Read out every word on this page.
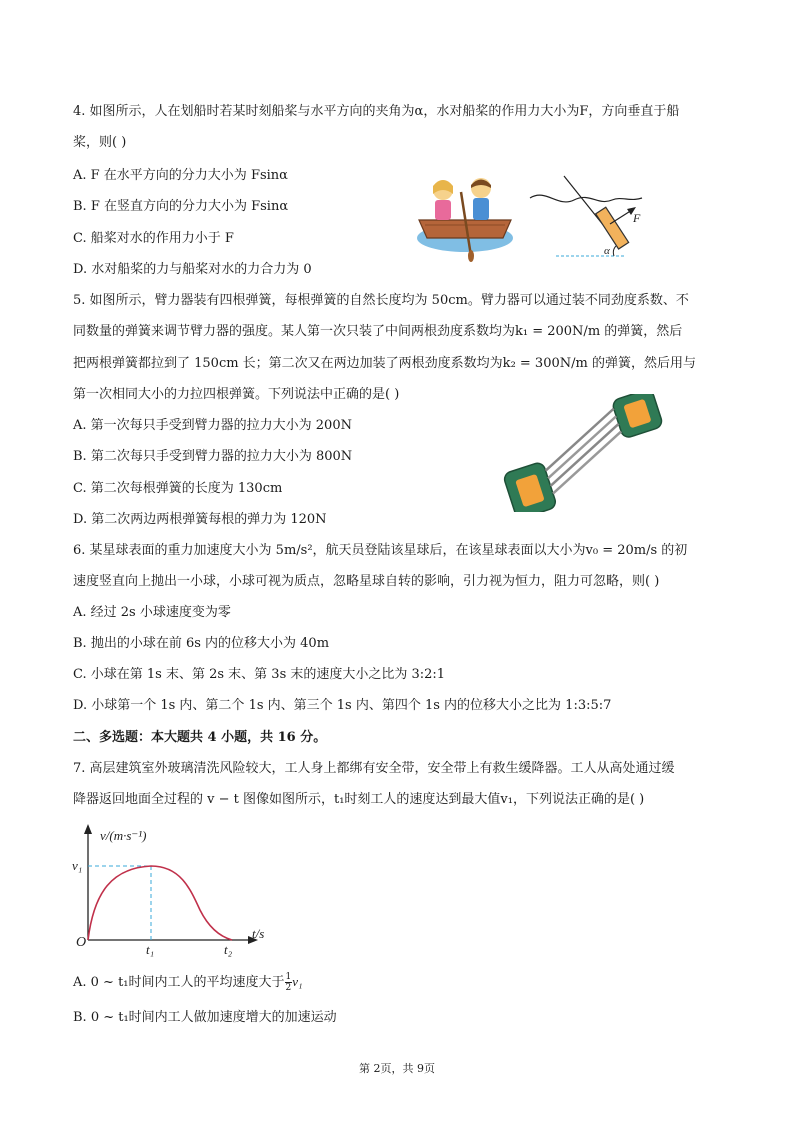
4. 如图所示，人在划船时若某时刻船桨与水平方向的夹角为α，水对船桨的作用力大小为F，方向垂直于船
桨，则( )
A. F 在水平方向的分力大小为 Fsinα
B. F 在竖直方向的分力大小为 Fsinα
C. 船桨对水的作用力小于 F
D. 水对船桨的力与船桨对水的力合力为 0
F
α
5. 如图所示，臂力器装有四根弹簧，每根弹簧的自然长度均为 50cm。臂力器可以通过装不同劲度系数、不
同数量的弹簧来调节臂力器的强度。某人第一次只装了中间两根劲度系数均为k₁ = 200N/m 的弹簧，然后
把两根弹簧都拉到了 150cm 长；第二次又在两边加装了两根劲度系数均为k₂ = 300N/m 的弹簧，然后用与
第一次相同大小的力拉四根弹簧。下列说法中正确的是( )
A. 第一次每只手受到臂力器的拉力大小为 200N
B. 第二次每只手受到臂力器的拉力大小为 800N
C. 第二次每根弹簧的长度为 130cm
D. 第二次两边两根弹簧每根的弹力为 120N
6. 某星球表面的重力加速度大小为 5m/s²，航天员登陆该星球后，在该星球表面以大小为v₀ = 20m/s 的初
速度竖直向上抛出一小球，小球可视为质点，忽略星球自转的影响，引力视为恒力，阻力可忽略，则( )
A. 经过 2s 小球速度变为零
B. 抛出的小球在前 6s 内的位移大小为 40m
C. 小球在第 1s 末、第 2s 末、第 3s 末的速度大小之比为 3:2:1
D. 小球第一个 1s 内、第二个 1s 内、第三个 1s 内、第四个 1s 内的位移大小之比为 1:3:5:7
二、多选题：本大题共 4 小题，共 16 分。
7. 高层建筑室外玻璃清洗风险较大，工人身上都绑有安全带，安全带上有救生缓降器。工人从高处通过缓
降器返回地面全过程的 v − t 图像如图所示，t₁时刻工人的速度达到最大值v₁，下列说法正确的是( )
v/(m·s⁻¹)
t/s
O
v₁
t₁	t₂
A. 0 ~ t₁时间内工人的平均速度大于 $\frac{1}{2} v_1$
B. 0 ~ t₁时间内工人做加速度增大的加速运动
第 2页，共 9页
